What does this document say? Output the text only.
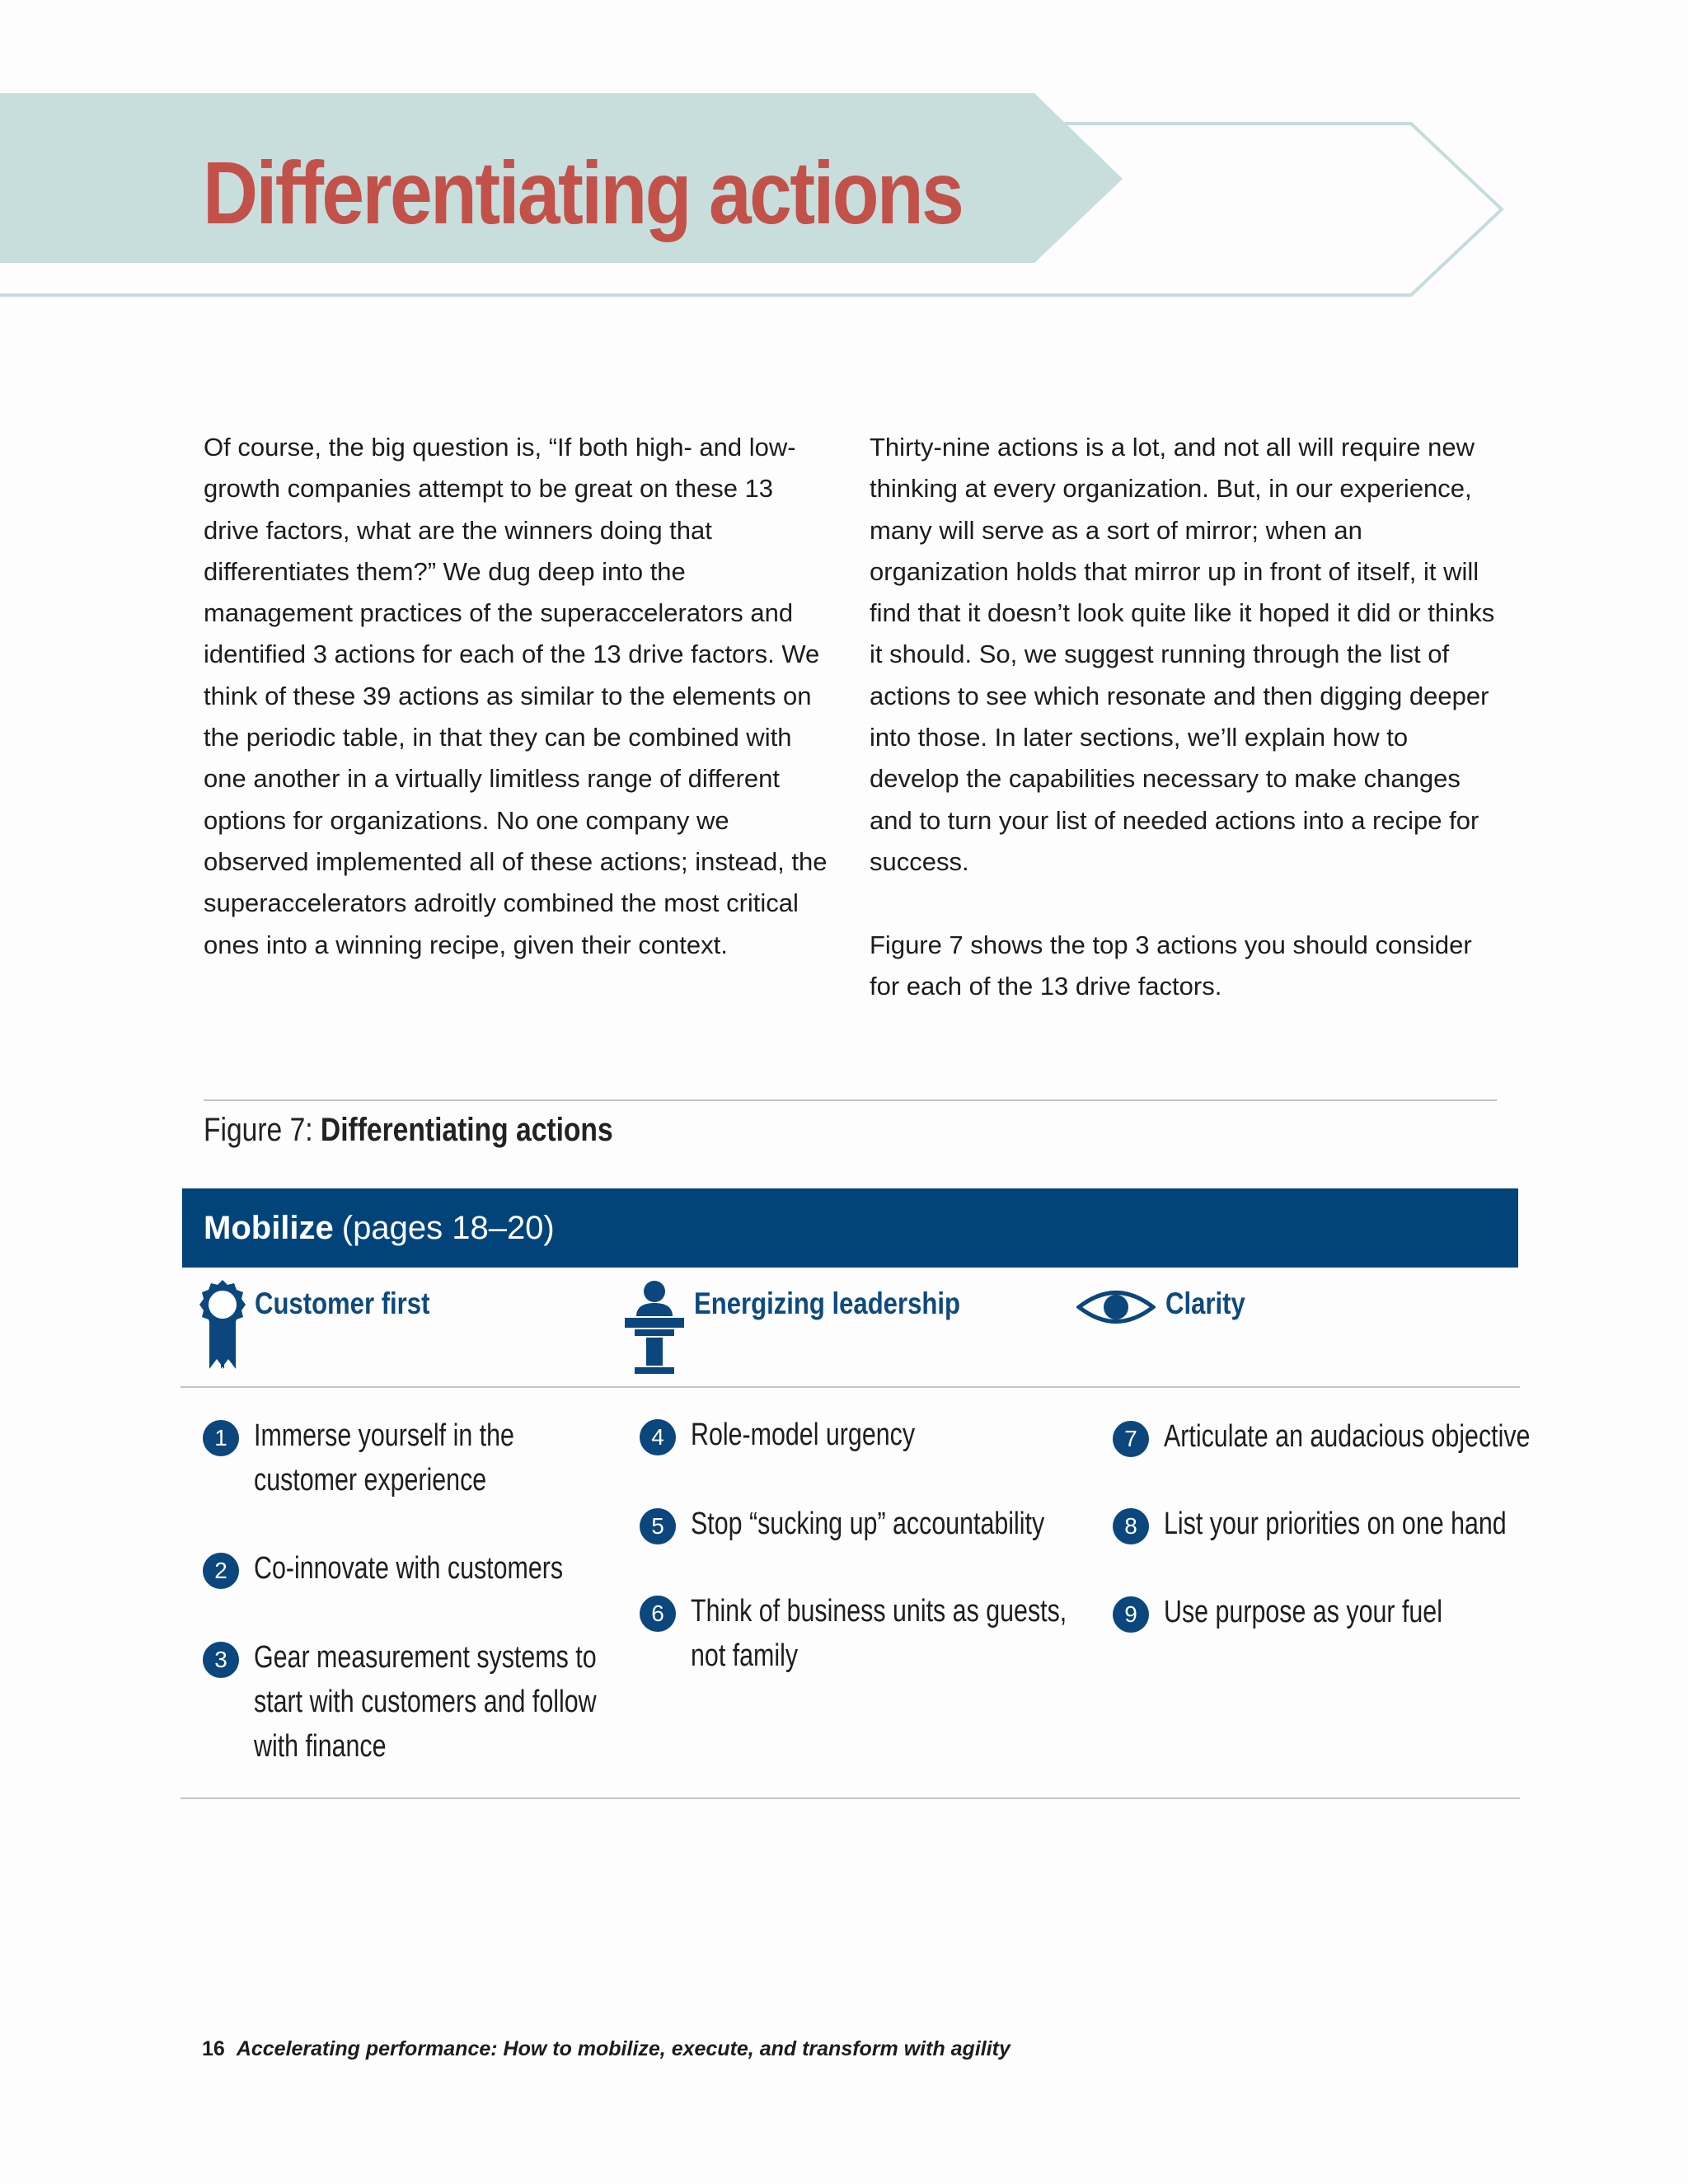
Differentiating actions

Of course, the big question is, “If both high- and low-growth companies attempt to be great on these 13 drive factors, what are the winners doing that differentiates them?” We dug deep into the management practices of the superaccelerators and identified 3 actions for each of the 13 drive factors. We think of these 39 actions as similar to the elements on the periodic table, in that they can be combined with one another in a virtually limitless range of different options for organizations. No one company we observed implemented all of these actions; instead, the superaccelerators adroitly combined the most critical ones into a winning recipe, given their context.

Thirty-nine actions is a lot, and not all will require new thinking at every organization. But, in our experience, many will serve as a sort of mirror; when an organization holds that mirror up in front of itself, it will find that it doesn’t look quite like it hoped it did or thinks it should. So, we suggest running through the list of actions to see which resonate and then digging deeper into those. In later sections, we’ll explain how to develop the capabilities necessary to make changes and to turn your list of needed actions into a recipe for success.

Figure 7 shows the top 3 actions you should consider for each of the 13 drive factors.

Figure 7: Differentiating actions
Mobilize (pages 18–20)
Customer first	Energizing leadership	Clarity
1 Immerse yourself in the
customer experience
2 Co-innovate with customers
3 Gear measurement systems to
start with customers and follow
with finance
4 Role-model urgency
5 Stop “sucking up” accountability
6 Think of business units as guests,
not family
7 Articulate an audacious objective
8 List your priorities on one hand
9 Use purpose as your fuel
16 Accelerating performance: How to mobilize, execute, and transform with agility
